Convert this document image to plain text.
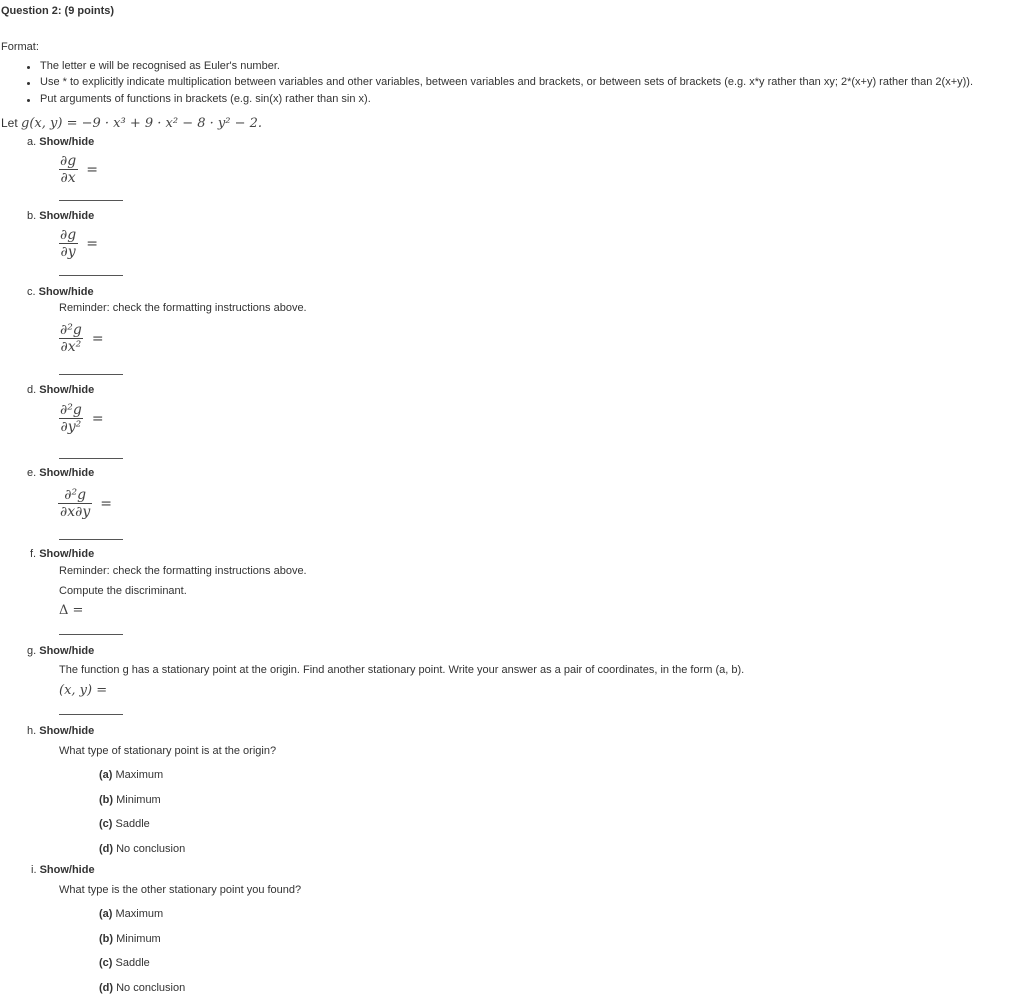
Question 2: (9 points)
Format:
The letter e will be recognised as Euler's number.
Use * to explicitly indicate multiplication between variables and other variables, between variables and brackets, or between sets of brackets (e.g. x*y rather than xy; 2*(x+y) rather than 2(x+y)).
Put arguments of functions in brackets (e.g. sin(x) rather than sin x).
Let g(x, y) = −9 · x³ + 9 · x² − 8 · y² − 2.
a. Show/hide
$\frac{\partial g}{\partial x}$ =
b. Show/hide
$\frac{\partial g}{\partial y}$ =
c. Show/hide
Reminder: check the formatting instructions above.
$\frac{\text{∂²g}}{\text{∂x²}}$ =
d. Show/hide
$\frac{\text{∂²g}}{\text{∂y²}}$ =
e. Show/hide
$\frac{\text{∂²g}}{\partial x\partial y}$ =
f. Show/hide
Reminder: check the formatting instructions above.
Compute the discriminant.
Δ =
g. Show/hide
The function g has a stationary point at the origin. Find another stationary point. Write your answer as a pair of coordinates, in the form (a, b).
(x, y) =
h. Show/hide
What type of stationary point is at the origin?
(a) Maximum
(b) Minimum
(c) Saddle
(d) No conclusion
i. Show/hide
What type is the other stationary point you found?
(a) Maximum
(b) Minimum
(c) Saddle
(d) No conclusion
